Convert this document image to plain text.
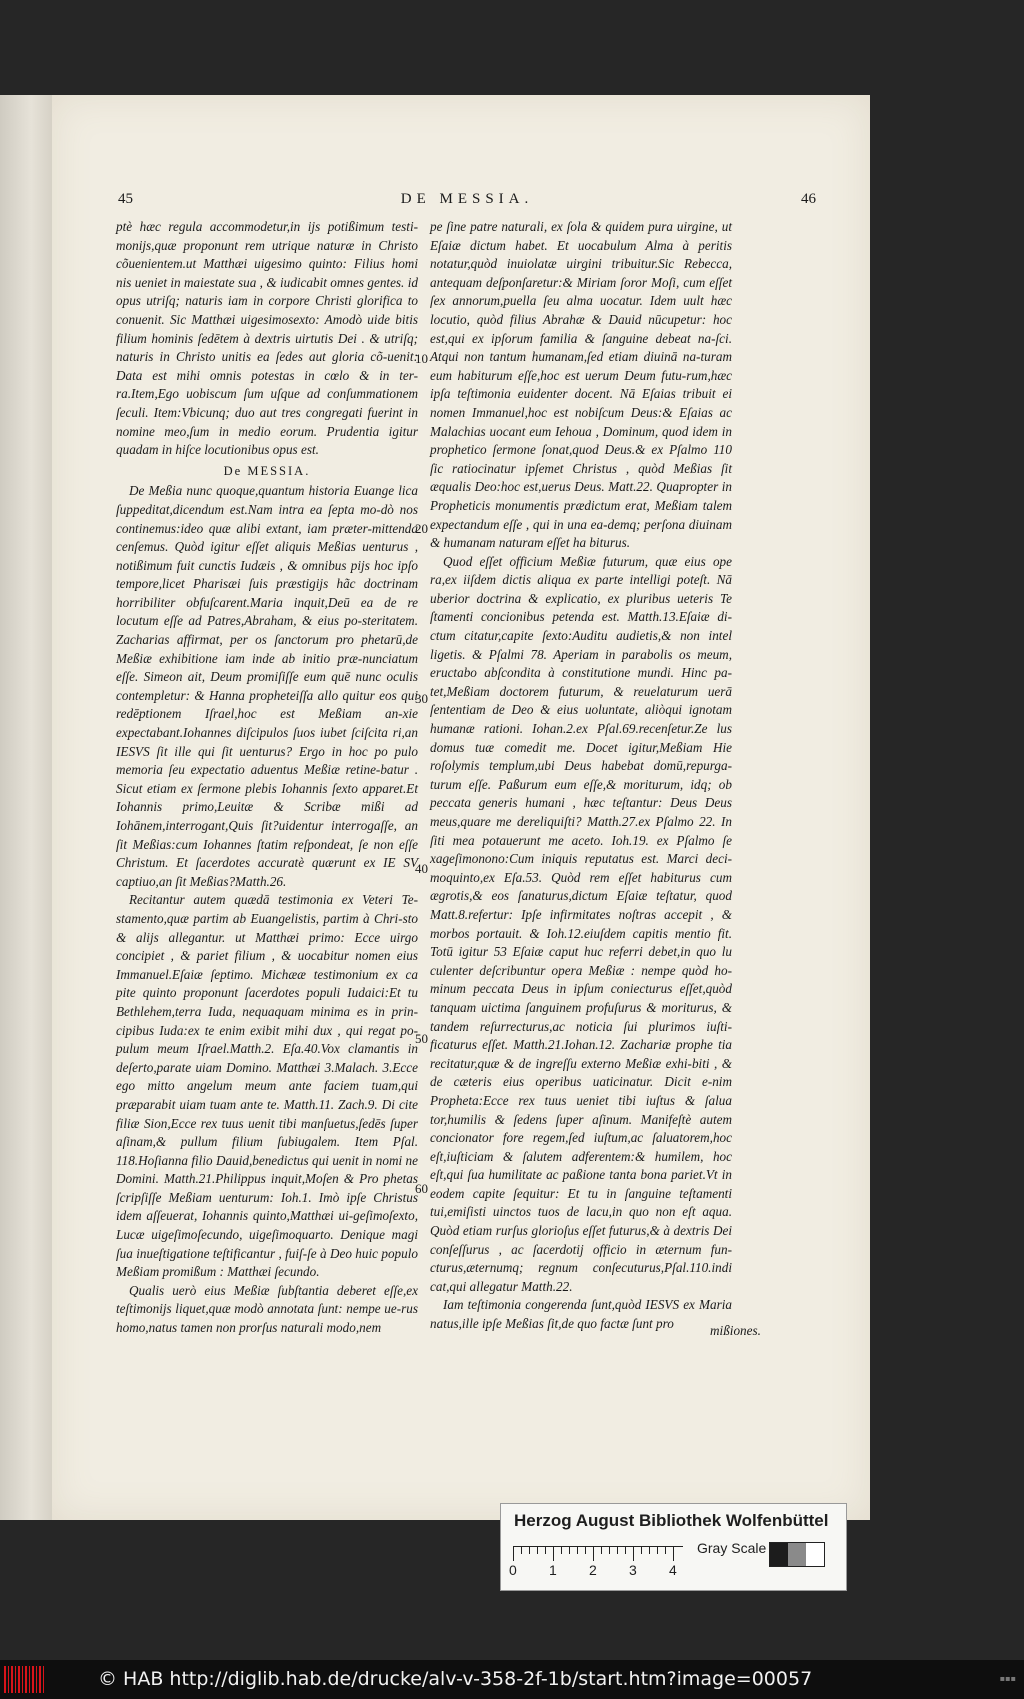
45	DE MESSIA.	46

ptè hæc regula accommodetur,in ijs potißimum testi-monijs,quæ proponunt rem utrique naturæ in Christo cõuenientem.ut Matthæi uigesimo quinto: Filius homi nis ueniet in maiestate sua , & iudicabit omnes gentes. id opus utriſq; naturis iam in corpore Christi glorifica to conuenit. Sic Matthæi uigesimosexto: Amodò uide bitis filium hominis ſedētem à dextris uirtutis Dei . & utriſq; naturis in Christo unitis ea ſedes aut gloria cõ-uenit: Data est mihi omnis potestas in cœlo & in ter-ra.Item,Ego uobiscum ſum uſque ad conſummationem ſeculi. Item:Vbicunq; duo aut tres congregati fuerint in nomine meo,ſum in medio eorum. Prudentia igitur quadam in hiſce locutionibus opus est.

De MESSIA.

De Meßia nunc quoque,quantum historia Euange lica ſuppeditat,dicendum est.Nam intra ea ſepta mo-dò nos continemus:ideo quæ alibi extant, iam præter-mittenda cenſemus. Quòd igitur eſſet aliquis Meßias uenturus , notißimum fuit cunctis Iudæis , & omnibus pijs hoc ipſo tempore,licet Pharisæi ſuis præstigijs hãc doctrinam horribiliter obfuſcarent.Maria inquit,Deū ea de re locutum eſſe ad Patres,Abraham, & eius po-steritatem. Zacharias affirmat, per os ſanctorum pro phetarū,de Meßiæ exhibitione iam inde ab initio præ-nunciatum eſſe. Simeon ait, Deum promiſiſſe eum quē nunc oculis contempletur: & Hanna propheteiſſa allo quitur eos qui redēptionem Iſrael,hoc est Meßiam an-xie expectabant.Iohannes diſcipulos ſuos iubet ſciſcita ri,an IESVS ſit ille qui ſit uenturus? Ergo in hoc po pulo memoria ſeu expectatio aduentus Meßiæ retine-batur . Sicut etiam ex ſermone plebis Iohannis ſexto apparet.Et Iohannis primo,Leuitæ & Scribæ mißi ad Iohānem,interrogant,Quis ſit?uidentur interrogaſſe, an ſit Meßias:cum Iohannes ſtatim reſpondeat, ſe non eſſe Christum. Et ſacerdotes accuratè quærunt ex IE SV captiuo,an ſit Meßias?Matth.26.

Recitantur autem quædā testimonia ex Veteri Te-stamento,quæ partim ab Euangelistis, partim à Chri-sto & alijs allegantur. ut Matthæi primo: Ecce uirgo concipiet , & pariet filium , & uocabitur nomen eius Immanuel.Eſaiæ ſeptimo. Michææ testimonium ex ca pite quinto proponunt ſacerdotes populi Iudaici:Et tu Bethlehem,terra Iuda, nequaquam minima es in prin-cipibus Iuda:ex te enim exibit mihi dux , qui regat po-pulum meum Iſrael.Matth.2. Eſa.40.Vox clamantis in deſerto,parate uiam Domino. Matthæi 3.Malach. 3.Ecce ego mitto angelum meum ante faciem tuam,qui præparabit uiam tuam ante te. Matth.11. Zach.9. Di cite filiæ Sion,Ecce rex tuus uenit tibi manſuetus,ſedēs ſuper aſinam,& pullum filium ſubiugalem. Item Pſal. 118.Hoſianna filio Dauid,benedictus qui uenit in nomi ne Domini. Matth.21.Philippus inquit,Moſen & Pro phetas ſcripſiſſe Meßiam uenturum: Ioh.1. Imò ipſe Christus idem aſſeuerat, Iohannis quinto,Matthæi ui-geſimoſexto, Lucæ uigeſimoſecundo, uigeſimoquarto. Denique magi ſua inueſtigatione teſtificantur , fuiſ-ſe à Deo huic populo Meßiam promißum : Matthæi ſecundo.

Qualis uerò eius Meßiæ ſubſtantia deberet eſſe,ex teſtimonijs liquet,quæ modò annotata ſunt: nempe ue-rus homo,natus tamen non prorſus naturali modo,nem

pe ſine patre naturali, ex ſola & quidem pura uirgine, ut Eſaiæ dictum habet. Et uocabulum Alma à peritis notatur,quòd inuiolatæ uirgini tribuitur.Sic Rebecca, antequam deſponſaretur:& Miriam ſoror Moſi, cum eſſet ſex annorum,puella ſeu alma uocatur. Idem uult hæc locutio, quòd filius Abrahæ & Dauid nūcupetur: hoc est,qui ex ipſorum familia & ſanguine debeat na-ſci. Atqui non tantum humanam,ſed etiam diuinā na-turam eum habiturum eſſe,hoc est uerum Deum futu-rum,hæc ipſa teſtimonia euidenter docent. Nā Eſaias tribuit ei nomen Immanuel,hoc est nobiſcum Deus:& Eſaias ac Malachias uocant eum Iehoua , Dominum, quod idem in prophetico ſermone ſonat,quod Deus.& ex Pſalmo 110 ſic ratiocinatur ipſemet Christus , quòd Meßias ſit æqualis Deo:hoc est,uerus Deus. Matt.22. Quapropter in Propheticis monumentis prædictum erat, Meßiam talem expectandum eſſe , qui in una ea-demq; perſona diuinam & humanam naturam eſſet ha biturus.

Quod eſſet officium Meßiæ futurum, quæ eius ope ra,ex iiſdem dictis aliqua ex parte intelligi poteſt. Nā uberior doctrina & explicatio, ex pluribus ueteris Te ſtamenti concionibus petenda est. Matth.13.Eſaiæ di-ctum citatur,capite ſexto:Auditu audietis,& non intel ligetis. & Pſalmi 78. Aperiam in parabolis os meum, eructabo abſcondita à constitutione mundi. Hinc pa-tet,Meßiam doctorem futurum, & reuelaturum uerā ſententiam de Deo & eius uoluntate, aliòqui ignotam humanæ rationi. Iohan.2.ex Pſal.69.recenſetur.Ze lus domus tuæ comedit me. Docet igitur,Meßiam Hie roſolymis templum,ubi Deus habebat domū,repurga-turum eſſe. Paßurum eum eſſe,& moriturum, idq; ob peccata generis humani , hæc teſtantur: Deus Deus meus,quare me dereliquiſti? Matth.27.ex Pſalmo 22. In ſiti mea potauerunt me aceto. Ioh.19. ex Pſalmo ſe xageſimonono:Cum iniquis reputatus est. Marci deci-moquinto,ex Eſa.53. Quòd rem eſſet habiturus cum ægrotis,& eos ſanaturus,dictum Eſaiæ teſtatur, quod Matt.8.refertur: Ipſe infirmitates noſtras accepit , & morbos portauit. & Ioh.12.eiuſdem capitis mentio fit. Totū igitur 53 Eſaiæ caput huc referri debet,in quo lu culenter deſcribuntur opera Meßiæ : nempe quòd ho-minum peccata Deus in ipſum coniecturus eſſet,quòd tanquam uictima ſanguinem profuſurus & moriturus, & tandem reſurrecturus,ac noticia ſui plurimos iuſti-ficaturus eſſet. Matth.21.Iohan.12. Zachariæ prophe tia recitatur,quæ & de ingreſſu externo Meßiæ exhi-biti , & de cæteris eius operibus uaticinatur. Dicit e-nim Propheta:Ecce rex tuus ueniet tibi iuſtus & ſalua tor,humilis & ſedens ſuper aſinum. Manifeſtè autem concionator fore regem,ſed iuſtum,ac ſaluatorem,hoc eſt,iuſticiam & ſalutem adferentem:& humilem, hoc eſt,qui ſua humilitate ac paßione tanta bona pariet.Vt in eodem capite ſequitur: Et tu in ſanguine teſtamenti tui,emiſisti uinctos tuos de lacu,in quo non eſt aqua. Quòd etiam rurſus glorioſus eſſet futurus,& à dextris Dei conſeſſurus , ac ſacerdotij officio in æternum fun-cturus,æternumq; regnum conſecuturus,Pſal.110.indi cat,qui allegatur Matth.22.

Iam teſtimonia congerenda ſunt,quòd IESVS ex Maria natus,ille ipſe Meßias ſit,de quo factæ ſunt pro	mißiones.
10
20
30
40
50
60
Herzog August Bibliothek Wolfenbüttel
0 1 2 3 4
Gray Scale
© HAB http://diglib.hab.de/drucke/alv-v-358-2f-1b/start.htm?image=00057	▪▪▪
